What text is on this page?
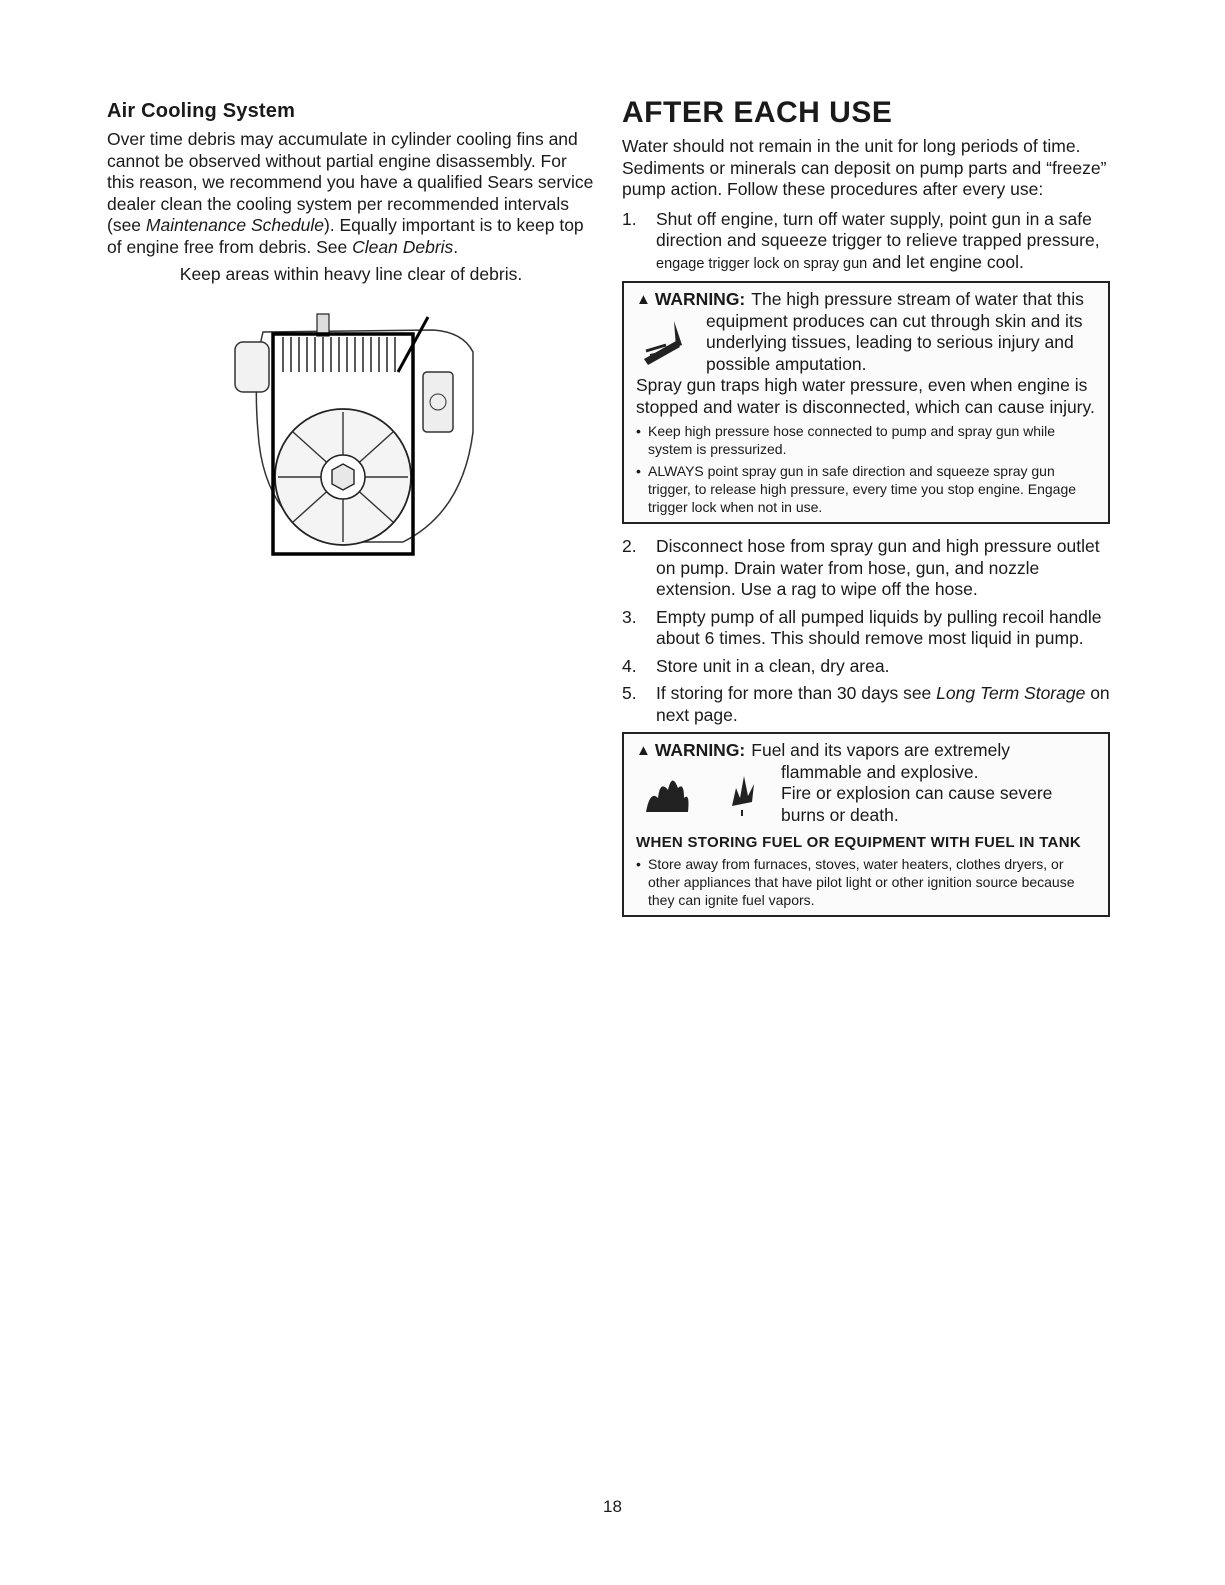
Air Cooling System

Over time debris may accumulate in cylinder cooling fins and cannot be observed without partial engine disassembly. For this reason, we recommend you have a qualified Sears service dealer clean the cooling system per recommended intervals (see Maintenance Schedule). Equally important is to keep top of engine free from debris. See Clean Debris.

Keep areas within heavy line clear of debris.

AFTER EACH USE

Water should not remain in the unit for long periods of time. Sediments or minerals can deposit on pump parts and “freeze” pump action. Follow these procedures after every use:

1.	Shut off engine, turn off water supply, point gun in a safe direction and squeeze trigger to relieve trapped pressure, engage trigger lock on spray gun and let engine cool.
▲ WARNING: The high pressure stream of water that this
equipment produces can cut through skin and its underlying tissues, leading to serious injury and possible amputation.
Spray gun traps high water pressure, even when engine is stopped and water is disconnected, which can cause injury.
• Keep high pressure hose connected to pump and spray gun while system is pressurized.
• ALWAYS point spray gun in safe direction and squeeze spray gun trigger, to release high pressure, every time you stop engine. Engage trigger lock when not in use.
2.	Disconnect hose from spray gun and high pressure outlet on pump. Drain water from hose, gun, and nozzle extension. Use a rag to wipe off the hose.
3.	Empty pump of all pumped liquids by pulling recoil handle about 6 times. This should remove most liquid in pump.
4.	Store unit in a clean, dry area.
5.	If storing for more than 30 days see Long Term Storage on next page.
▲ WARNING: Fuel and its vapors are extremely
flammable and explosive.
Fire or explosion can cause severe burns or death.
WHEN STORING FUEL OR EQUIPMENT WITH FUEL IN TANK
• Store away from furnaces, stoves, water heaters, clothes dryers, or other appliances that have pilot light or other ignition source because they can ignite fuel vapors.
18
